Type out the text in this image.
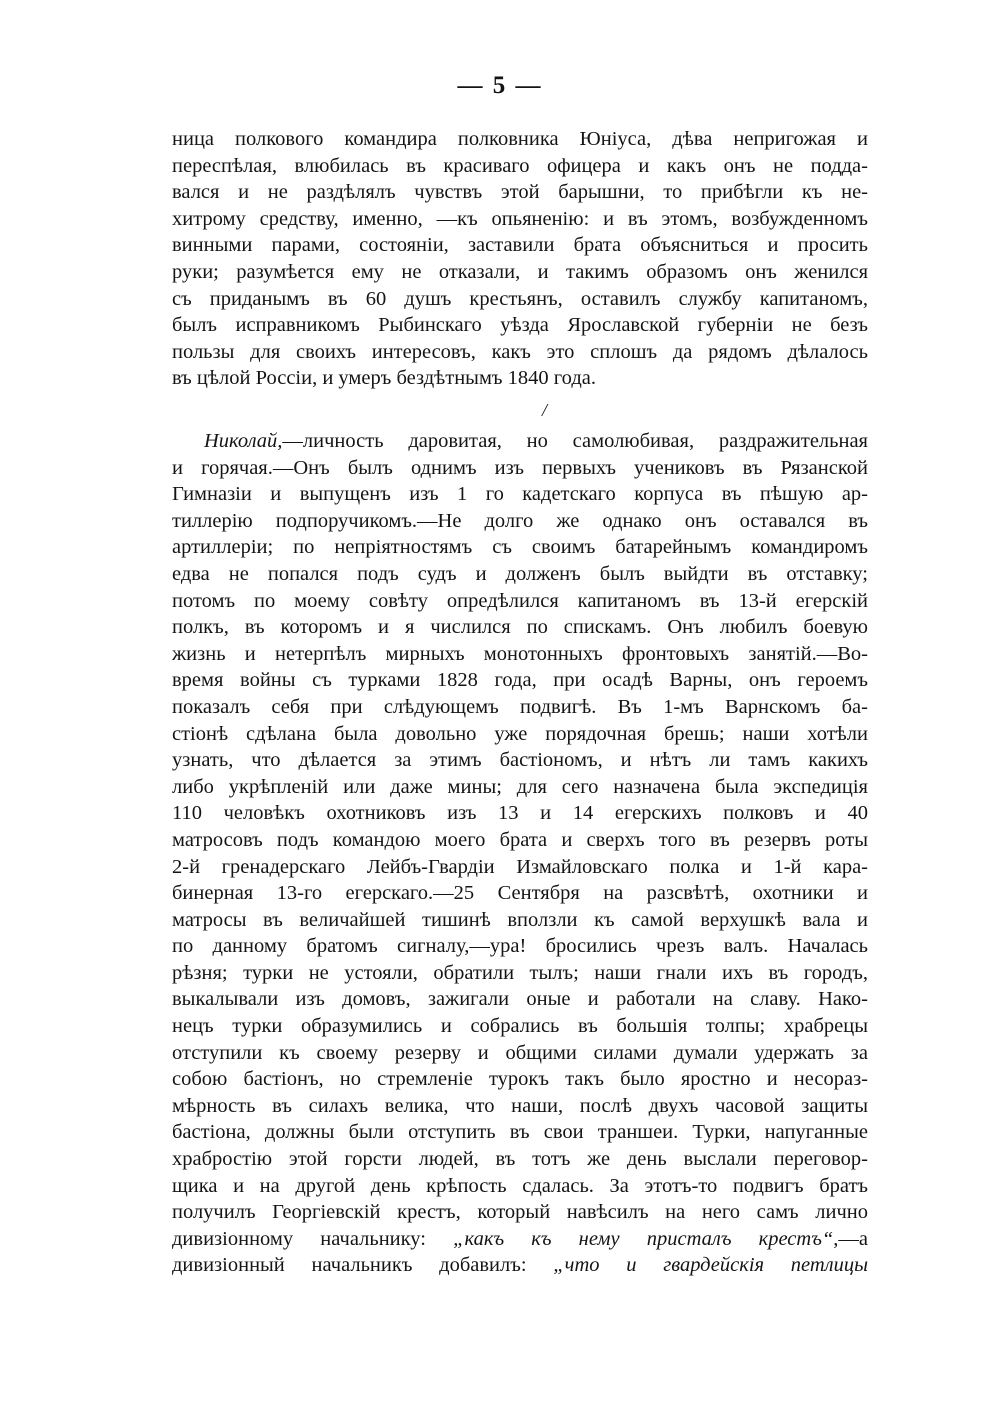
— 5 —
ница полкового командира полковника Юніуса, дѣва непригожая и
переспѣлая, влюбилась въ красиваго офицера и какъ онъ не подда-
вался и не раздѣлялъ чувствъ этой барышни, то прибѣгли къ не-
хитрому средству, именно, —къ опьяненію: и въ этомъ, возбужденномъ
винными парами, состояніи, заставили брата объясниться и просить
руки; разумѣется ему не отказали, и такимъ образомъ онъ женился
съ приданымъ въ 60 душъ крестьянъ, оставилъ службу капитаномъ,
былъ исправникомъ Рыбинскаго уѣзда Ярославской губерніи не безъ
пользы для своихъ интересовъ, какъ это сплошъ да рядомъ дѣлалось
въ цѣлой Россіи, и умеръ бездѣтнымъ 1840 года.
/
Николай,—личность даровитая, но самолюбивая, раздражительная
и горячая.—Онъ былъ однимъ изъ первыхъ учениковъ въ Рязанской
Гимназіи и выпущенъ изъ 1 го кадетскаго корпуса въ пѣшую ар-
тиллерію подпоручикомъ.—Не долго же однако онъ оставался въ
артиллеріи; по непріятностямъ съ своимъ батарейнымъ командиромъ
едва не попался подъ судъ и долженъ былъ выйдти въ отставку;
потомъ по моему совѣту опредѣлился капитаномъ въ 13-й егерскій
полкъ, въ которомъ и я числился по спискамъ. Онъ любилъ боевую
жизнь и нетерпѣлъ мирныхъ монотонныхъ фронтовыхъ занятій.—Во-
время войны съ турками 1828 года, при осадѣ Варны, онъ героемъ
показалъ себя при слѣдующемъ подвигѣ. Въ 1-мъ Варнскомъ ба-
стіонѣ сдѣлана была довольно уже порядочная брешь; наши хотѣли
узнать, что дѣлается за этимъ бастіономъ, и нѣтъ ли тамъ какихъ
либо укрѣпленій или даже мины; для сего назначена была экспедиція
110 человѣкъ охотниковъ изъ 13 и 14 егерскихъ полковъ и 40
матросовъ подъ командою моего брата и сверхъ того въ резервъ роты
2-й гренадерскаго Лейбъ-Гвардіи Измайловскаго полка и 1-й кара-
бинерная 13-го егерскаго.—25 Сентября на разсвѣтѣ, охотники и
матросы въ величайшей тишинѣ вползли къ самой верхушкѣ вала и
по данному братомъ сигналу,—ура! бросились чрезъ валъ. Началась
рѣзня; турки не устояли, обратили тылъ; наши гнали ихъ въ городъ,
выкалывали изъ домовъ, зажигали оные и работали на славу. Нако-
нецъ турки образумились и собрались въ большія толпы; храбрецы
отступили къ своему резерву и общими силами думали удержать за
собою бастіонъ, но стремленіе турокъ такъ было яростно и несораз-
мѣрность въ силахъ велика, что наши, послѣ двухъ часовой защиты
бастіона, должны были отступить въ свои траншеи. Турки, напуганные
храбростію этой горсти людей, въ тотъ же день выслали переговор-
щика и на другой день крѣпость сдалась. За этотъ-то подвигъ братъ
получилъ Георгіевскій крестъ, который навѣсилъ на него самъ лично
дивизіонному начальнику: „какъ къ нему присталъ крестъ“,—а
дивизіонный начальникъ добавилъ: „что и гвардейскія петлицы
